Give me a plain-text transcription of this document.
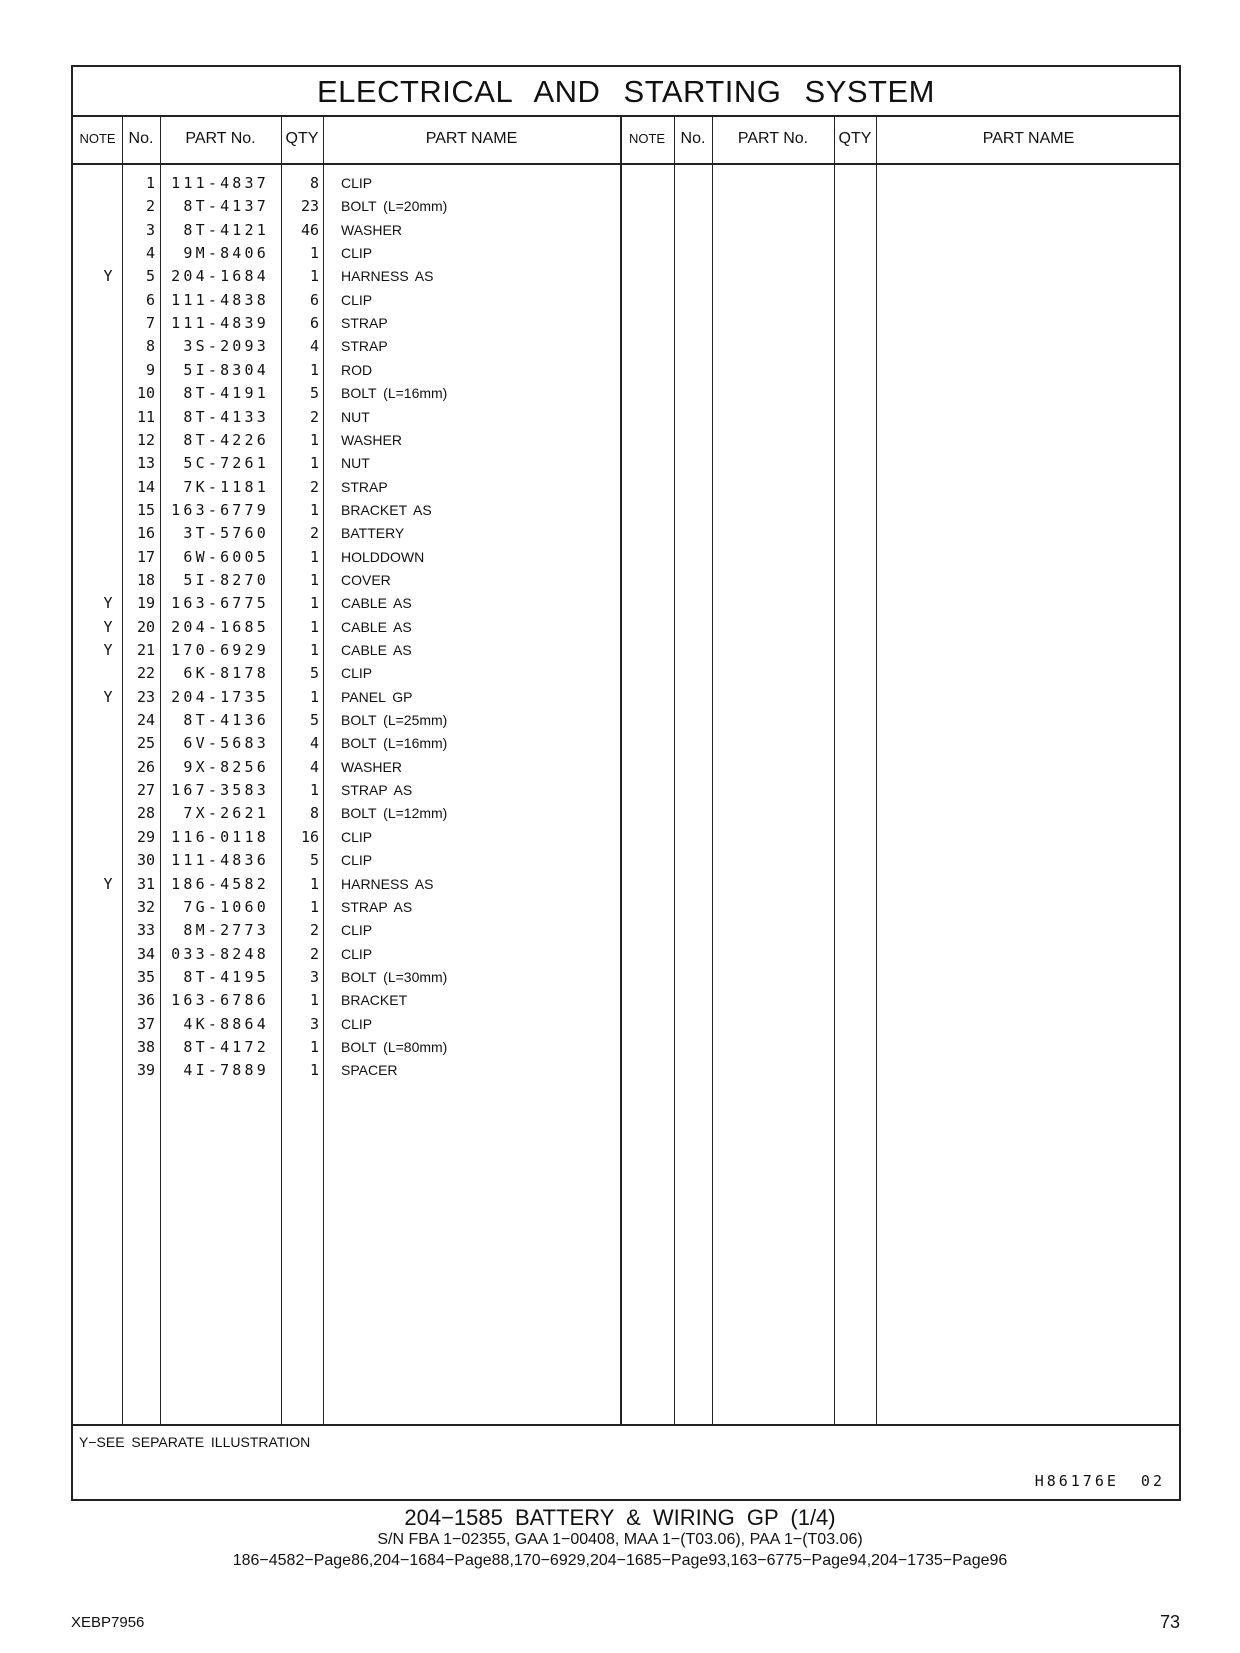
ELECTRICAL AND STARTING SYSTEM
NOTE No.	PART No.	QTY	PART NAME	NOTE No.	PART No.	QTY	PART NAME
1	111-4837	8 CLIP
2	8T-4137	23 BOLT (L=20mm)
3	8T-4121	46 WASHER
4	9M-8406	1 CLIP
Y	5	204-1684	1 HARNESS AS
6	111-4838	6 CLIP
7	111-4839	6 STRAP
8	3S-2093	4 STRAP
9	5I-8304	1 ROD
10	8T-4191	5 BOLT (L=16mm)
11	8T-4133	2 NUT
12	8T-4226	1 WASHER
13	5C-7261	1 NUT
14	7K-1181	2 STRAP
15	163-6779	1 BRACKET AS
16	3T-5760	2 BATTERY
17	6W-6005	1 HOLDDOWN
18	5I-8270	1 COVER
Y	19	163-6775	1 CABLE AS
Y	20	204-1685	1 CABLE AS
Y	21	170-6929	1 CABLE AS
22	6K-8178	5 CLIP
Y	23	204-1735	1 PANEL GP
24	8T-4136	5 BOLT (L=25mm)
25	6V-5683	4 BOLT (L=16mm)
26	9X-8256	4 WASHER
27	167-3583	1 STRAP AS
28	7X-2621	8 BOLT (L=12mm)
29	116-0118	16 CLIP
30	111-4836	5 CLIP
Y	31	186-4582	1 HARNESS AS
32	7G-1060	1 STRAP AS
33	8M-2773	2 CLIP
34	033-8248	2 CLIP
35	8T-4195	3 BOLT (L=30mm)
36	163-6786	1 BRACKET
37	4K-8864	3 CLIP
38	8T-4172	1 BOLT (L=80mm)
39	4I-7889	1 SPACER
Y−SEE SEPARATE ILLUSTRATION
H86176E 02
204−1585 BATTERY & WIRING GP (1/4)
S/N FBA 1−02355, GAA 1−00408, MAA 1−(T03.06), PAA 1−(T03.06)
186−4582−Page86,204−1684−Page88,170−6929,204−1685−Page93,163−6775−Page94,204−1735−Page96
XEBP7956	73
